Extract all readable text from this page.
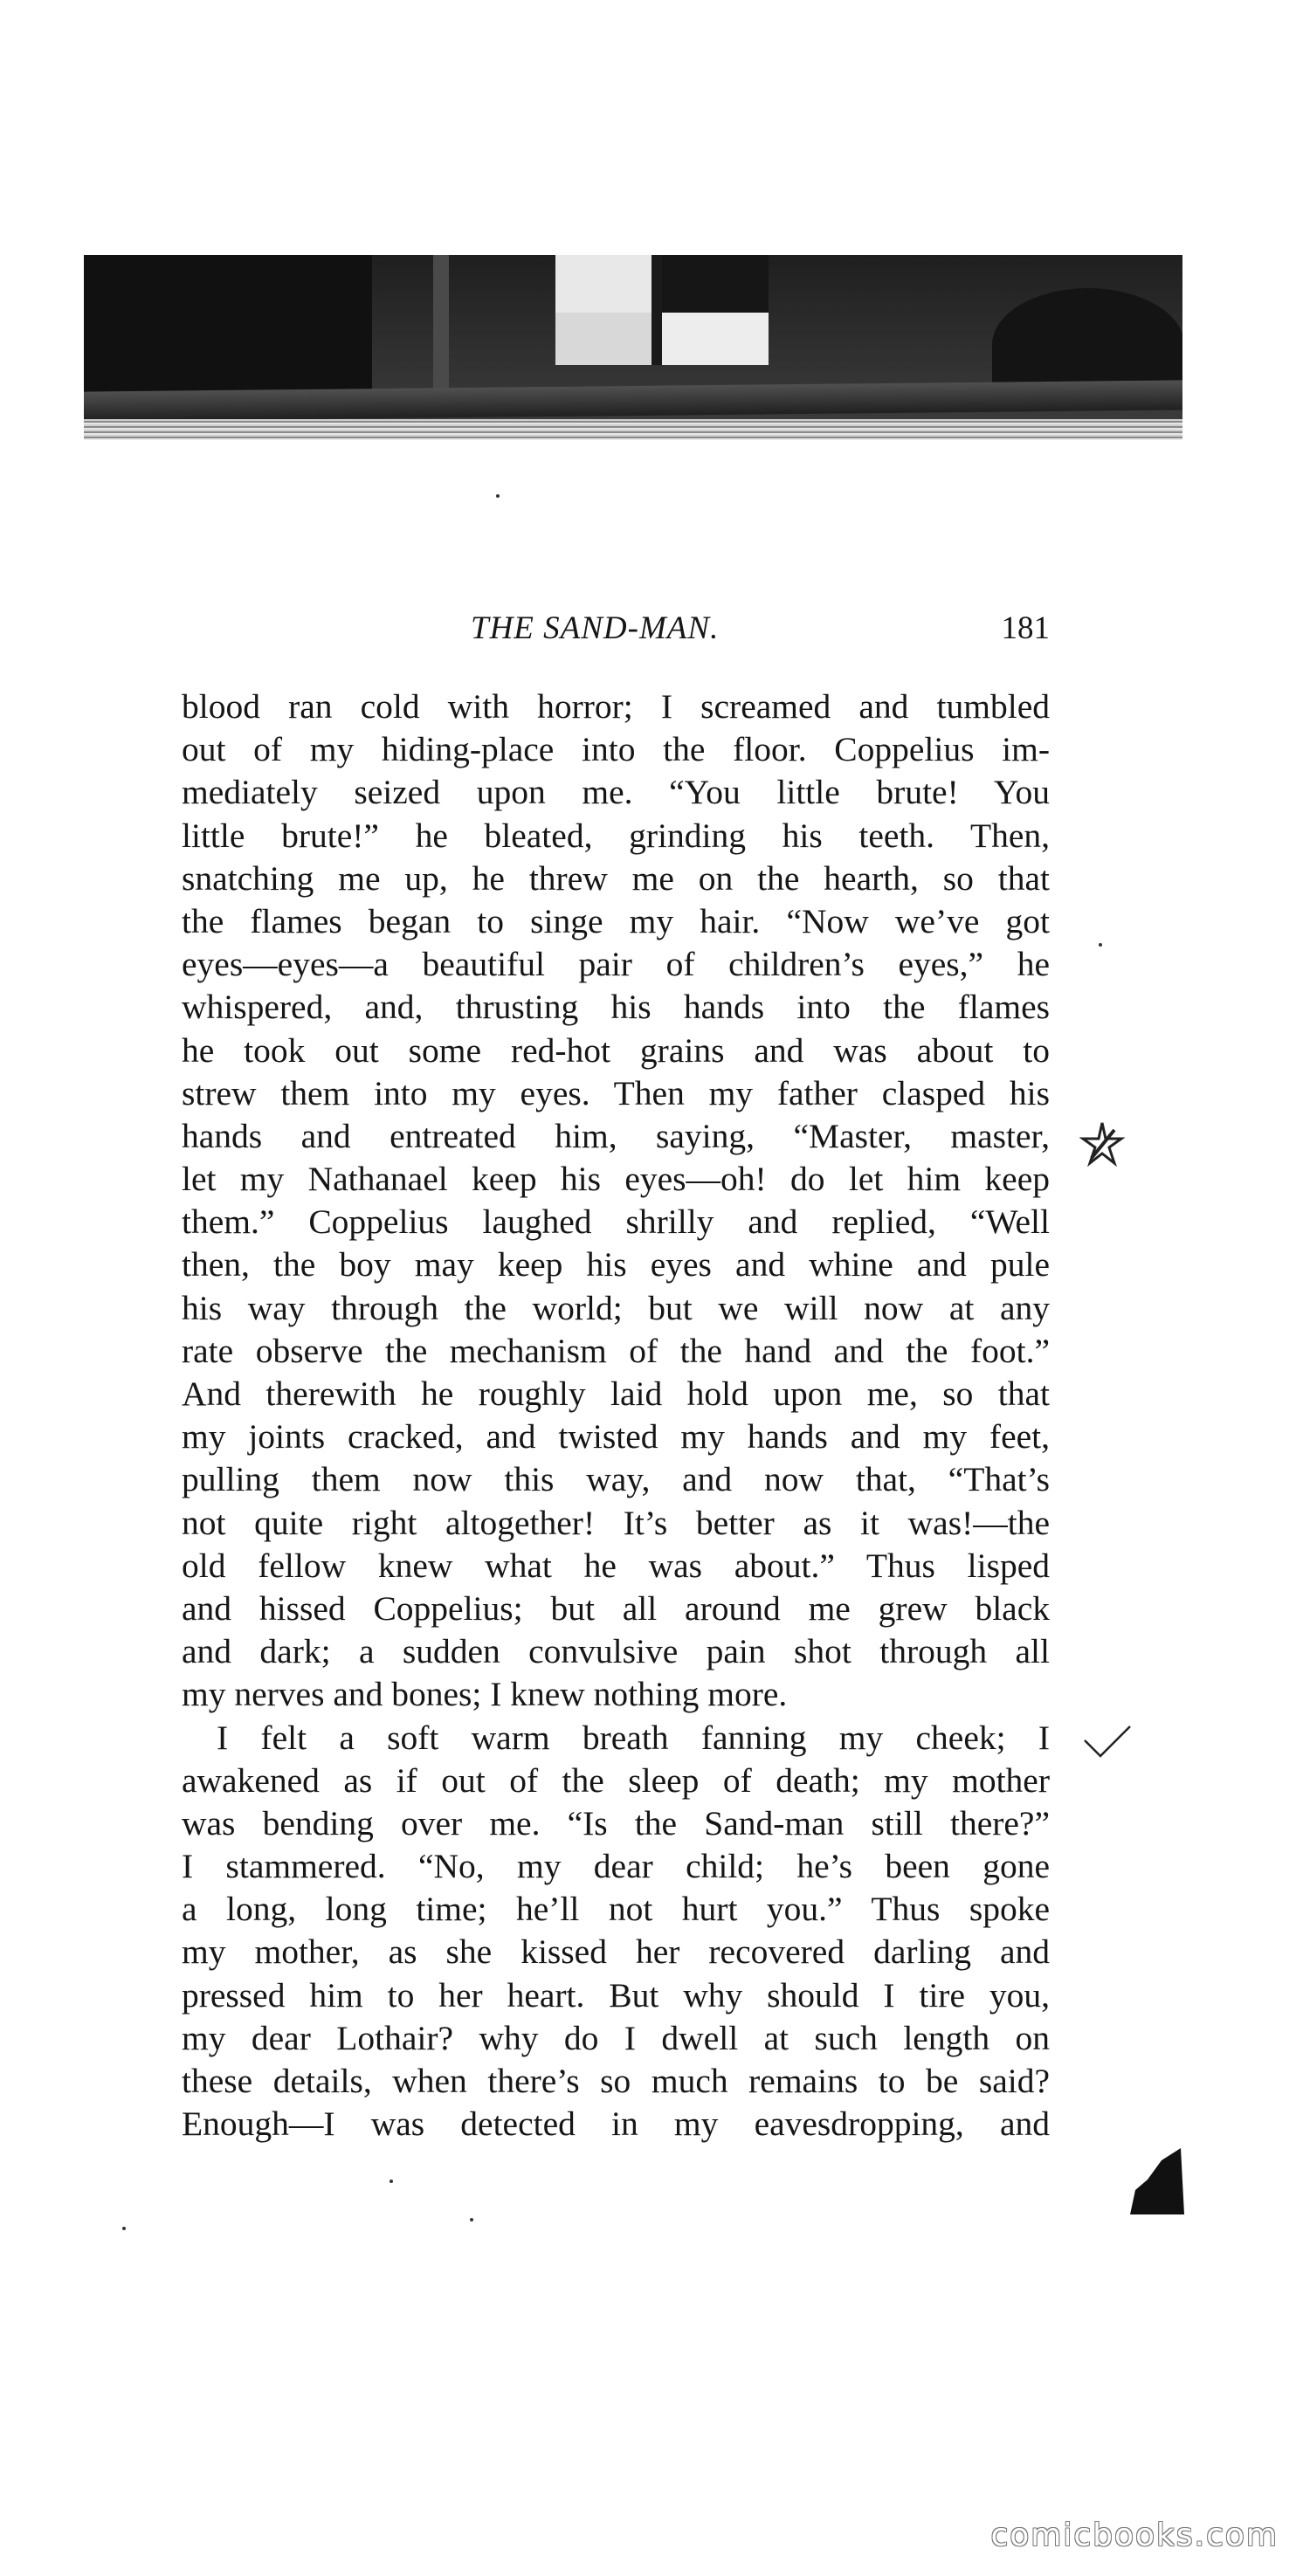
THE SAND-MAN.	181
blood ran cold with horror; I screamed and tumbled
out of my hiding-place into the floor. Coppelius im-
mediately seized upon me. “You little brute! You
little brute!” he bleated, grinding his teeth. Then,
snatching me up, he threw me on the hearth, so that
the flames began to singe my hair. “Now we’ve got
eyes—eyes—a beautiful pair of children’s eyes,” he
whispered, and, thrusting his hands into the flames
he took out some red-hot grains and was about to
strew them into my eyes. Then my father clasped his
hands and entreated him, saying, “Master, master,
let my Nathanael keep his eyes—oh! do let him keep
them.” Coppelius laughed shrilly and replied, “Well
then, the boy may keep his eyes and whine and pule
his way through the world; but we will now at any
rate observe the mechanism of the hand and the foot.”
And therewith he roughly laid hold upon me, so that
my joints cracked, and twisted my hands and my feet,
pulling them now this way, and now that, “That’s
not quite right altogether! It’s better as it was!—the
old fellow knew what he was about.” Thus lisped
and hissed Coppelius; but all around me grew black
and dark; a sudden convulsive pain shot through all
my nerves and bones; I knew nothing more.
I felt a soft warm breath fanning my cheek; I
awakened as if out of the sleep of death; my mother
was bending over me. “Is the Sand-man still there?”
I stammered. “No, my dear child; he’s been gone
a long, long time; he’ll not hurt you.” Thus spoke
my mother, as she kissed her recovered darling and
pressed him to her heart. But why should I tire you,
my dear Lothair? why do I dwell at such length on
these details, when there’s so much remains to be said?
Enough—I was detected in my eavesdropping, and
comicbooks.com
